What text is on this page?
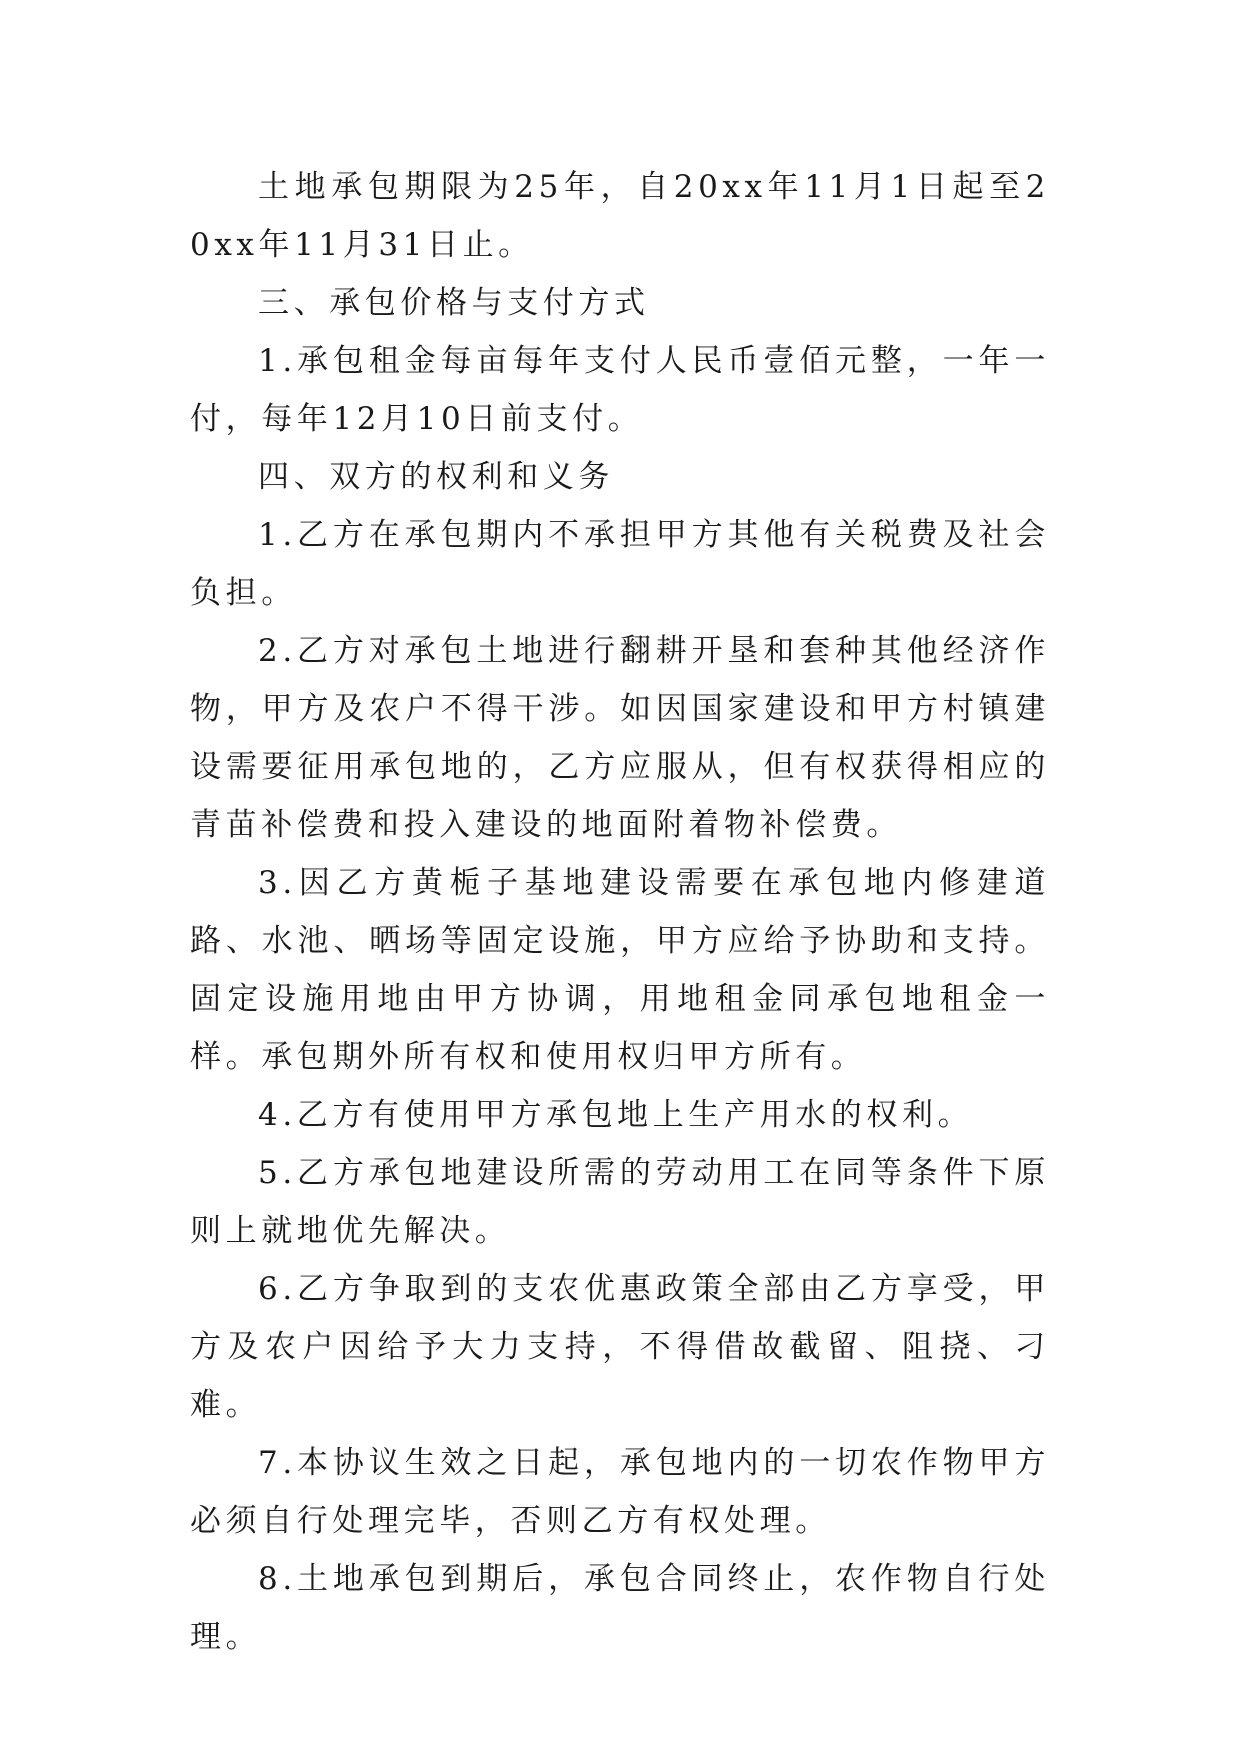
土地承包期限为25年，自20xx年11月1日起至20xx年11月31日止。

三、承包价格与支付方式

1.承包租金每亩每年支付人民币壹佰元整，一年一付，每年12月10日前支付。

四、双方的权利和义务

1.乙方在承包期内不承担甲方其他有关税费及社会负担。

2.乙方对承包土地进行翻耕开垦和套种其他经济作物，甲方及农户不得干涉。如因国家建设和甲方村镇建设需要征用承包地的，乙方应服从，但有权获得相应的青苗补偿费和投入建设的地面附着物补偿费。

3.因乙方黄栀子基地建设需要在承包地内修建道路、水池、晒场等固定设施，甲方应给予协助和支持。固定设施用地由甲方协调，用地租金同承包地租金一样。承包期外所有权和使用权归甲方所有。

4.乙方有使用甲方承包地上生产用水的权利。

5.乙方承包地建设所需的劳动用工在同等条件下原则上就地优先解决。

6.乙方争取到的支农优惠政策全部由乙方享受，甲方及农户因给予大力支持，不得借故截留、阻挠、刁难。

7.本协议生效之日起，承包地内的一切农作物甲方必须自行处理完毕，否则乙方有权处理。

8.土地承包到期后，承包合同终止，农作物自行处理。
